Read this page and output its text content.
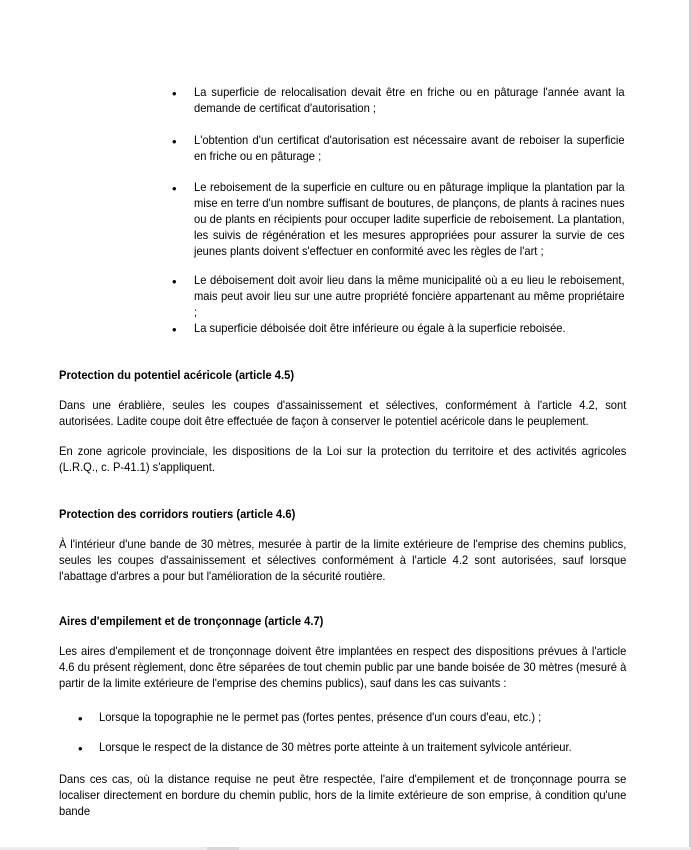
• La superficie de relocalisation devait être en friche ou en pâturage l'année avant la demande de certificat d'autorisation ;

• L'obtention d'un certificat d'autorisation est nécessaire avant de reboiser la superficie en friche ou en pâturage ;

• Le reboisement de la superficie en culture ou en pâturage implique la plantation par la mise en terre d'un nombre suffisant de boutures, de plançons, de plants à racines nues ou de plants en récipients pour occuper ladite superficie de reboisement. La plantation, les suivis de régénération et les mesures appropriées pour assurer la survie de ces jeunes plants doivent s'effectuer en conformité avec les règles de l'art ;

• Le déboisement doit avoir lieu dans la même municipalité où a eu lieu le reboisement, mais peut avoir lieu sur une autre propriété foncière appartenant au même propriétaire ;

• La superficie déboisée doit être inférieure ou égale à la superficie reboisée.

Protection du potentiel acéricole (article 4.5)

Dans une érablière, seules les coupes d'assainissement et sélectives, conformément à l'article 4.2, sont autorisées. Ladite coupe doit être effectuée de façon à conserver le potentiel acéricole dans le peuplement.

En zone agricole provinciale, les dispositions de la Loi sur la protection du territoire et des activités agricoles (L.R.Q., c. P-41.1) s'appliquent.

Protection des corridors routiers (article 4.6)

À l'intérieur d'une bande de 30 mètres, mesurée à partir de la limite extérieure de l'emprise des chemins publics, seules les coupes d'assainissement et sélectives conformément à l'article 4.2 sont autorisées, sauf lorsque l'abattage d'arbres a pour but l'amélioration de la sécurité routière.

Aires d'empilement et de tronçonnage (article 4.7)

Les aires d'empilement et de tronçonnage doivent être implantées en respect des dispositions prévues à l'article 4.6 du présent règlement, donc être séparées de tout chemin public par une bande boisée de 30 mètres (mesuré à partir de la limite extérieure de l'emprise des chemins publics), sauf dans les cas suivants :

• Lorsque la topographie ne le permet pas (fortes pentes, présence d'un cours d'eau, etc.) ;

• Lorsque le respect de la distance de 30 mètres porte atteinte à un traitement sylvicole antérieur.

Dans ces cas, où la distance requise ne peut être respectée, l'aire d'empilement et de tronçonnage pourra se localiser directement en bordure du chemin public, hors de la limite extérieure de son emprise, à condition qu'une bande
